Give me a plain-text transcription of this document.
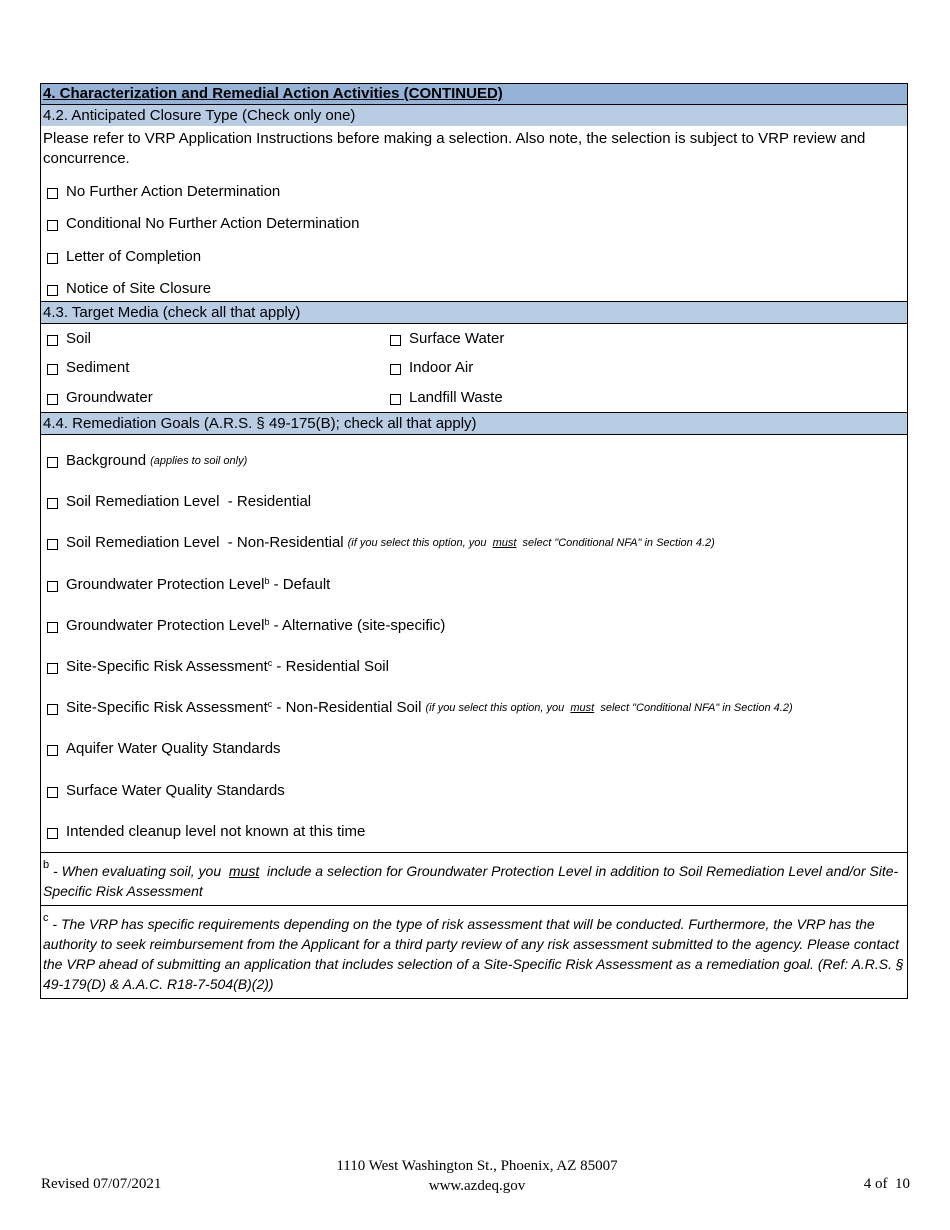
4. Characterization and Remedial Action Activities (CONTINUED)
4.2. Anticipated Closure Type (Check only one)
Please refer to VRP Application Instructions before making a selection. Also note, the selection is subject to VRP review and concurrence.
No Further Action Determination
Conditional No Further Action Determination
Letter of Completion
Notice of Site Closure
4.3. Target Media (check all that apply)
Soil	Surface Water
Sediment	Indoor Air
Groundwater	Landfill Waste
4.4. Remediation Goals (A.R.S. § 49-175(B); check all that apply)
Background (applies to soil only)
Soil Remediation Level  - Residential
Soil Remediation Level  - Non-Residential (if you select this option, you must select "Conditional NFA" in Section 4.2)
Groundwater Protection Level$^b$ - Default
Groundwater Protection Level$^b$ - Alternative (site-specific)
Site-Specific Risk Assessment$^c$ - Residential Soil
Site-Specific Risk Assessment$^c$ - Non-Residential Soil (if you select this option, you must select "Conditional NFA" in Section 4.2)
Aquifer Water Quality Standards
Surface Water Quality Standards
Intended cleanup level not known at this time
$^b$ - When evaluating soil, you must include a selection for Groundwater Protection Level in addition to Soil Remediation Level and/or Site-Specific Risk Assessment
$^c$ - The VRP has specific requirements depending on the type of risk assessment that will be conducted. Furthermore, the VRP has the authority to seek reimbursement from the Applicant for a third party review of any risk assessment submitted to the agency. Please contact the VRP ahead of submitting an application that includes selection of a Site-Specific Risk Assessment as a remediation goal. (Ref: A.R.S. § 49-179(D) & A.A.C. R18-7-504(B)(2))
Revised 07/07/2021
1110 West Washington St., Phoenix, AZ 85007
www.azdeq.gov	4 of  10
